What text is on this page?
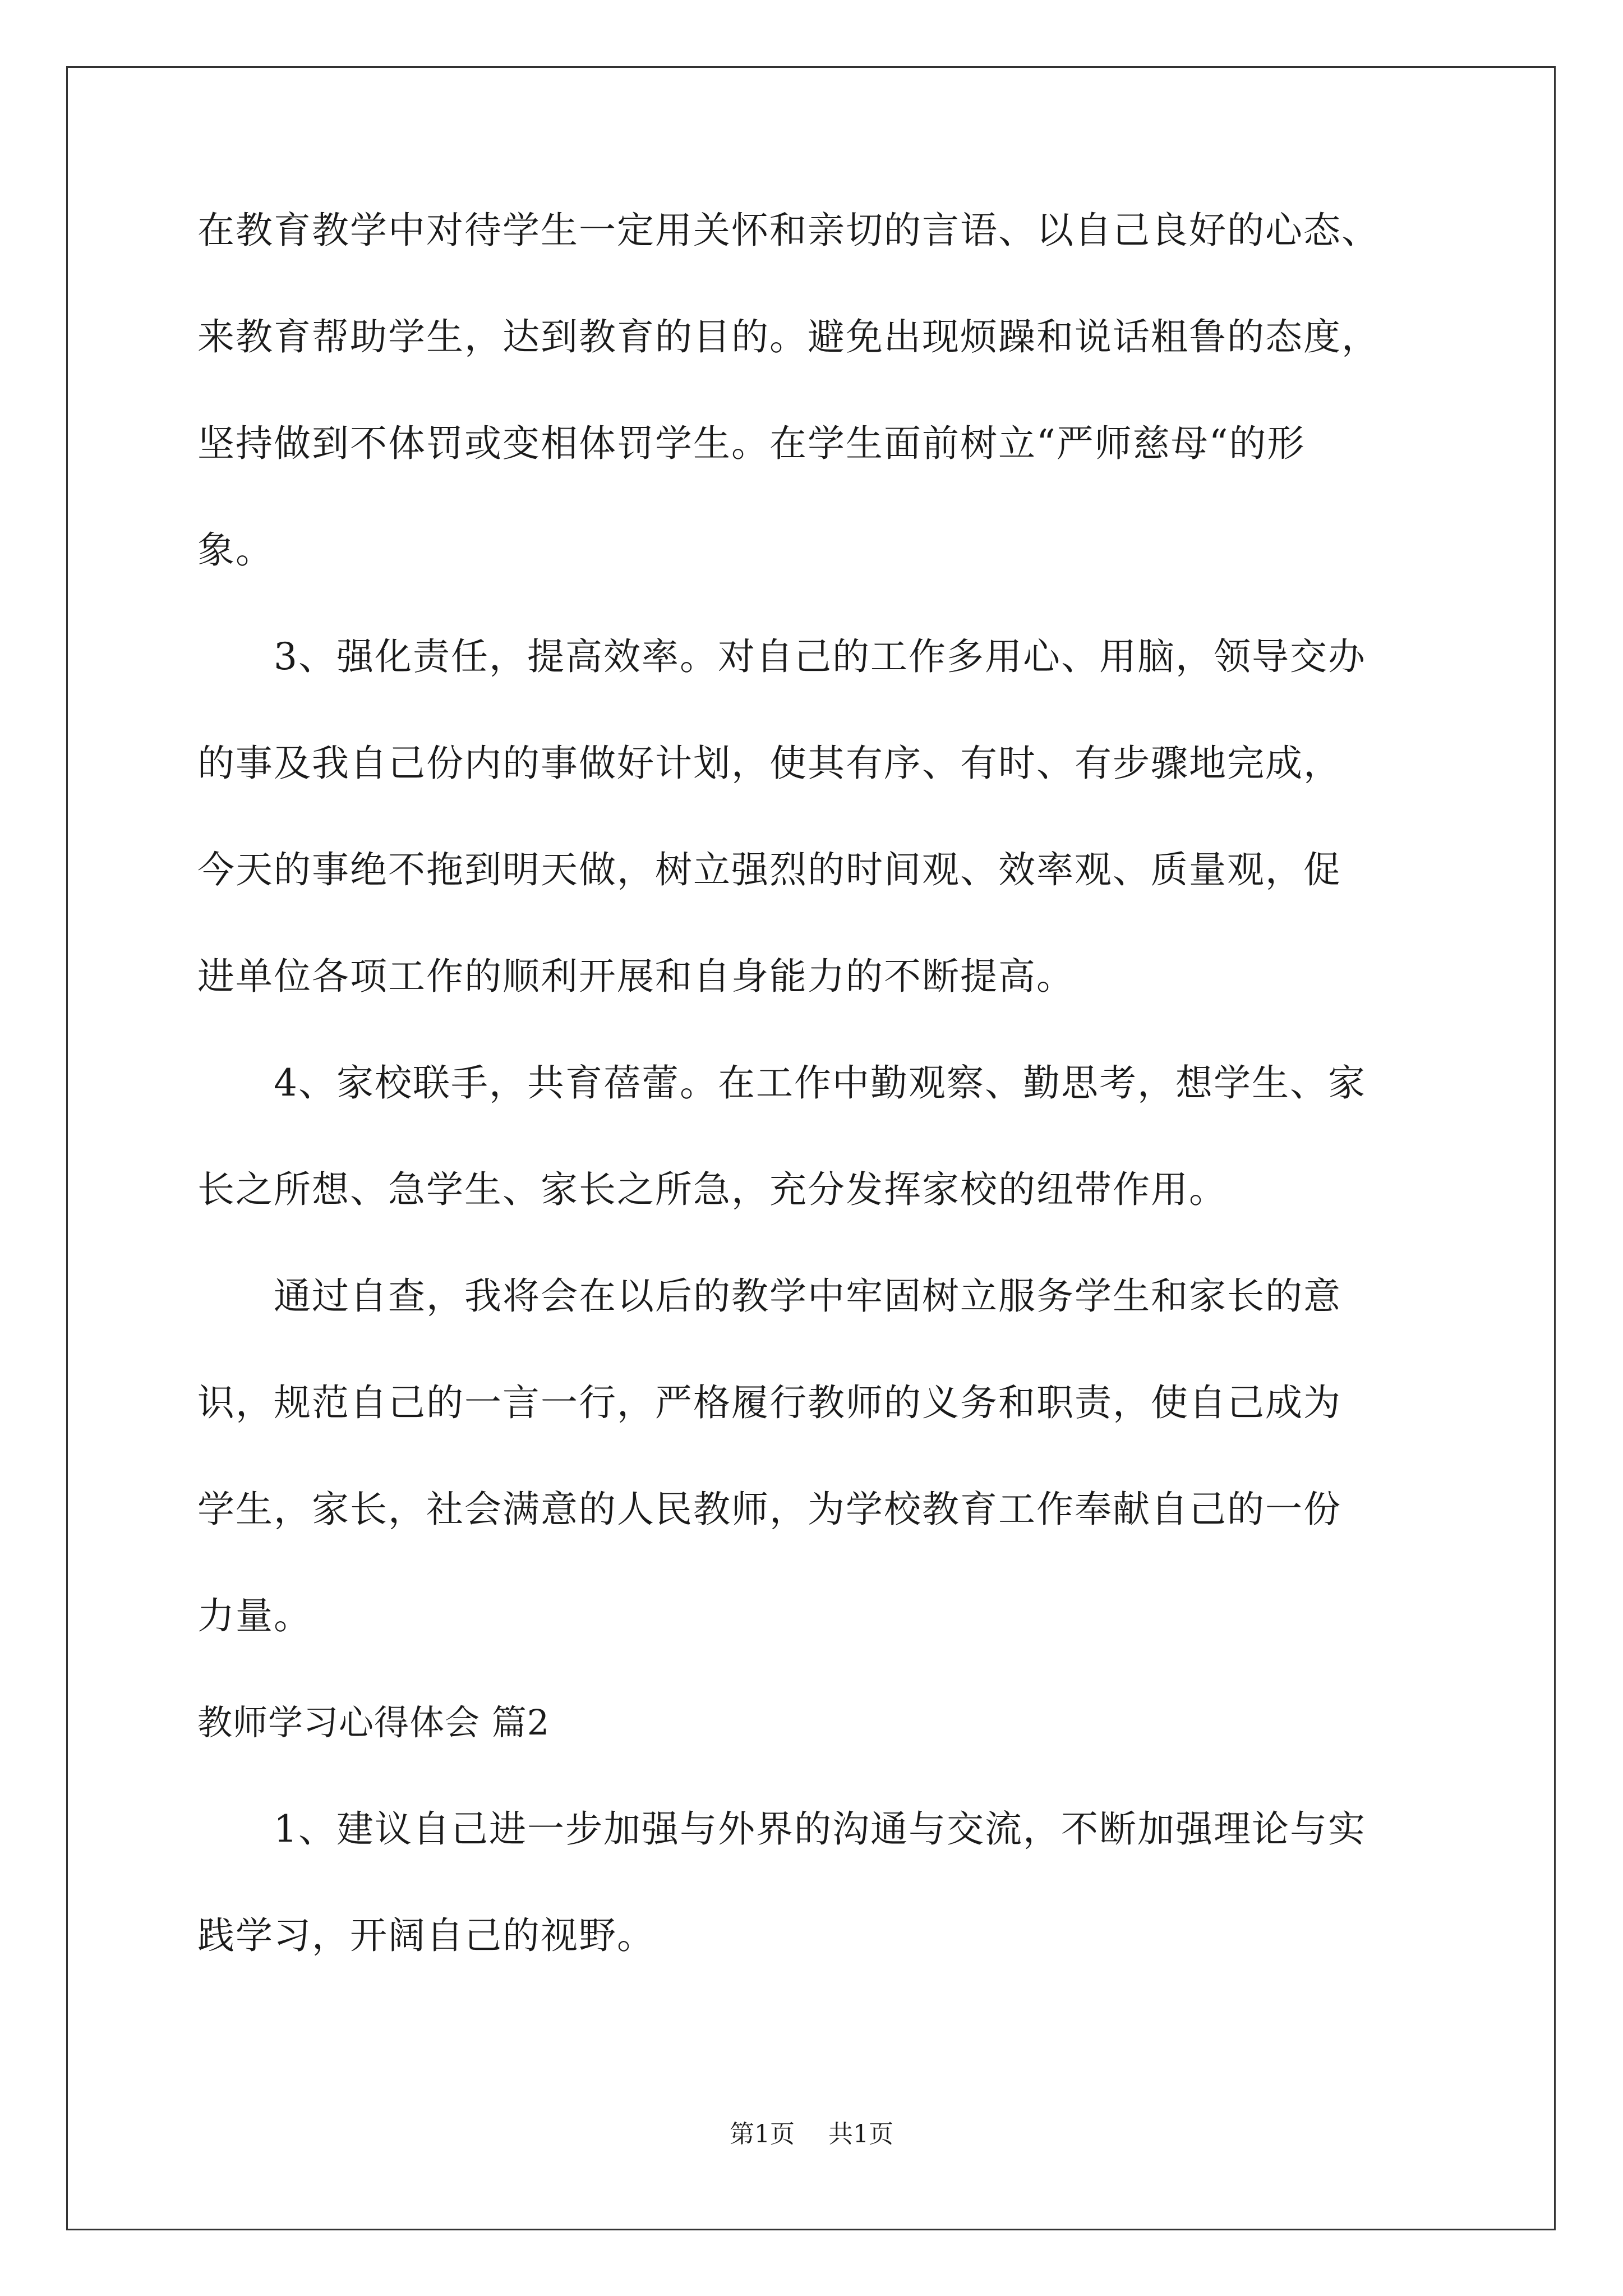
在教育教学中对待学生一定用关怀和亲切的言语、以自己良好的心态、
来教育帮助学生，达到教育的目的。避免出现烦躁和说话粗鲁的态度，
坚持做到不体罚或变相体罚学生。在学生面前树立“严师慈母“的形
象。
3、强化责任，提高效率。对自己的工作多用心、用脑，领导交办
的事及我自己份内的事做好计划，使其有序、有时、有步骤地完成，
今天的事绝不拖到明天做，树立强烈的时间观、效率观、质量观，促
进单位各项工作的顺利开展和自身能力的不断提高。
4、家校联手，共育蓓蕾。在工作中勤观察、勤思考，想学生、家
长之所想、急学生、家长之所急，充分发挥家校的纽带作用。
通过自查，我将会在以后的教学中牢固树立服务学生和家长的意
识，规范自己的一言一行，严格履行教师的义务和职责，使自己成为
学生，家长，社会满意的人民教师，为学校教育工作奉献自己的一份
力量。
教师学习心得体会 篇2
1、建议自己进一步加强与外界的沟通与交流，不断加强理论与实
践学习，开阔自己的视野。
第1页 共1页
